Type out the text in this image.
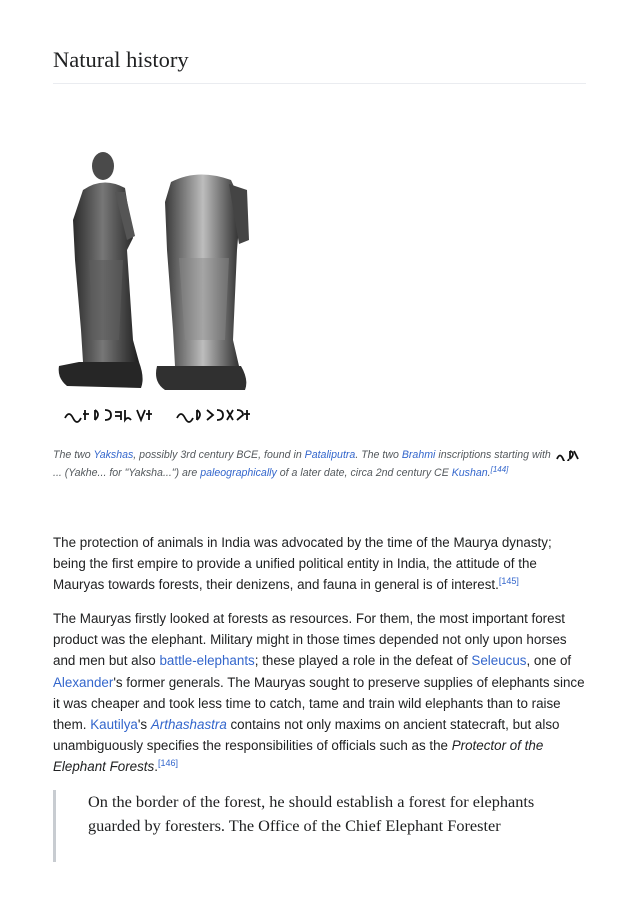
Natural history

The two Yakshas, possibly 3rd century BCE, found in Pataliputra. The two Brahmi inscriptions starting with ... (Yakhe... for "Yaksha...") are paleographically of a later date, circa 2nd century CE Kushan.[144]

The protection of animals in India was advocated by the time of the Maurya dynasty; being the first empire to provide a unified political entity in India, the attitude of the Mauryas towards forests, their denizens, and fauna in general is of interest.[145]

The Mauryas firstly looked at forests as resources. For them, the most important forest product was the elephant. Military might in those times depended not only upon horses and men but also battle-elephants; these played a role in the defeat of Seleucus, one of Alexander's former generals. The Mauryas sought to preserve supplies of elephants since it was cheaper and took less time to catch, tame and train wild elephants than to raise them. Kautilya's Arthashastra contains not only maxims on ancient statecraft, but also unambiguously specifies the responsibilities of officials such as the Protector of the Elephant Forests.[146]

On the border of the forest, he should establish a forest for elephants guarded by foresters. The Office of the Chief Elephant Forester
